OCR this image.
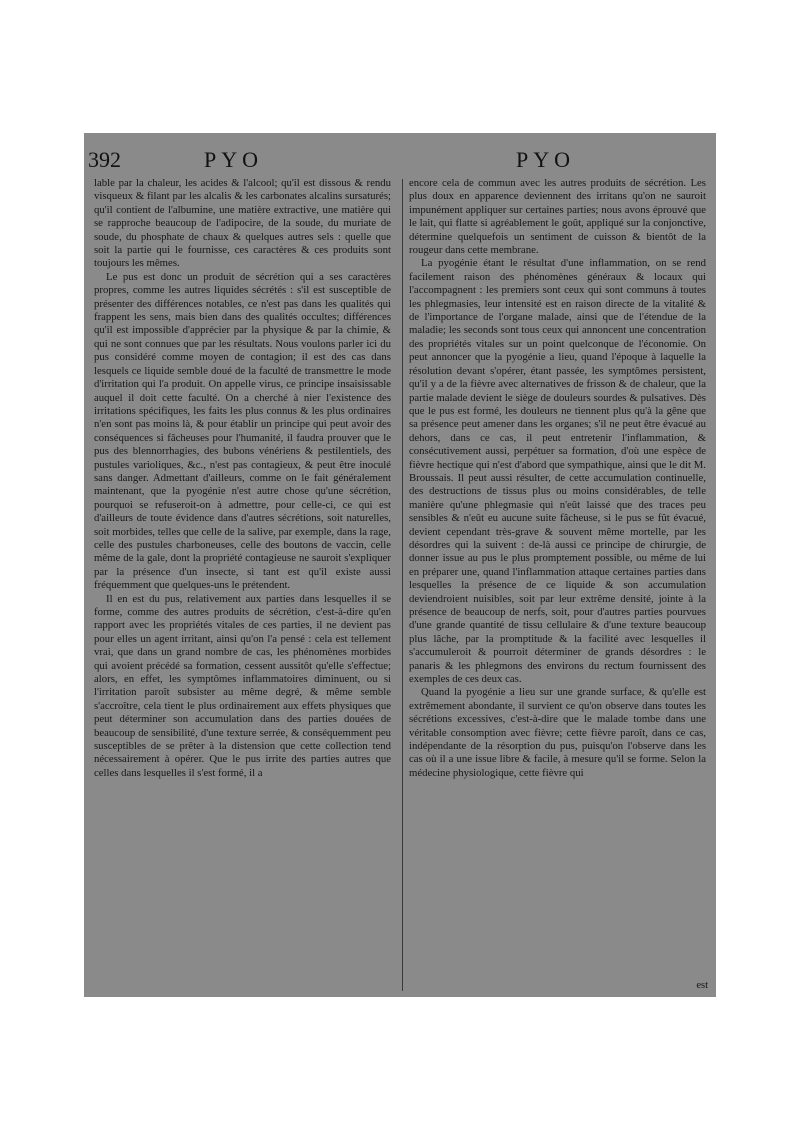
392	PYO	PYO

lable par la chaleur, les acides & l'alcool; qu'il est dissous & rendu visqueux & filant par les alcalis & les carbonates alcalins sursaturés; qu'il contient de l'albumine, une matière extractive, une matière qui se rapproche beaucoup de l'adipocire, de la soude, du muriate de soude, du phosphate de chaux & quelques autres sels : quelle que soit la partie qui le fournisse, ces caractères & ces produits sont toujours les mêmes.

Le pus est donc un produit de sécrétion qui a ses caractères propres, comme les autres liquides sécrétés : s'il est susceptible de présenter des différences notables, ce n'est pas dans les qualités qui frappent les sens, mais bien dans des qualités occultes; différences qu'il est impossible d'apprécier par la physique & par la chimie, & qui ne sont connues que par les résultats. Nous voulons parler ici du pus considéré comme moyen de contagion; il est des cas dans lesquels ce liquide semble doué de la faculté de transmettre le mode d'irritation qui l'a produit. On appelle virus, ce principe insaisissable auquel il doit cette faculté. On a cherché à nier l'existence des irritations spécifiques, les faits les plus connus & les plus ordinaires n'en sont pas moins là, & pour établir un principe qui peut avoir des conséquences si fâcheuses pour l'humanité, il faudra prouver que le pus des blennorrhagies, des bubons vénériens & pestilentiels, des pustules varioliques, &c., n'est pas contagieux, & peut être inoculé sans danger. Admettant d'ailleurs, comme on le fait généralement maintenant, que la pyogénie n'est autre chose qu'une sécrétion, pourquoi se refuseroit-on à admettre, pour celle-ci, ce qui est d'ailleurs de toute évidence dans d'autres sécrétions, soit naturelles, soit morbides, telles que celle de la salive, par exemple, dans la rage, celle des pustules charboneuses, celle des boutons de vaccin, celle même de la gale, dont la propriété contagieuse ne sauroit s'expliquer par la présence d'un insecte, si tant est qu'il existe aussi fréquemment que quelques-uns le prétendent.

Il en est du pus, relativement aux parties dans lesquelles il se forme, comme des autres produits de sécrétion, c'est-à-dire qu'en rapport avec les propriétés vitales de ces parties, il ne devient pas pour elles un agent irritant, ainsi qu'on l'a pensé : cela est tellement vrai, que dans un grand nombre de cas, les phénomènes morbides qui avoient précédé sa formation, cessent aussitôt qu'elle s'effectue; alors, en effet, les symptômes inflammatoires diminuent, ou si l'irritation paroît subsister au même degré, & même semble s'accroître, cela tient le plus ordinairement aux effets physiques que peut déterminer son accumulation dans des parties douées de beaucoup de sensibilité, d'une texture serrée, & conséquemment peu susceptibles de se prêter à la distension que cette collection tend nécessairement à opérer. Que le pus irrite des parties autres que celles dans lesquelles il s'est formé, il a

encore cela de commun avec les autres produits de sécrétion. Les plus doux en apparence deviennent des irritans qu'on ne sauroit impunément appliquer sur certaines parties; nous avons éprouvé que le lait, qui flatte si agréablement le goût, appliqué sur la conjonctive, détermine quelquefois un sentiment de cuisson & bientôt de la rougeur dans cette membrane.

La pyogénie étant le résultat d'une inflammation, on se rend facilement raison des phénomènes généraux & locaux qui l'accompagnent : les premiers sont ceux qui sont communs à toutes les phlegmasies, leur intensité est en raison directe de la vitalité & de l'importance de l'organe malade, ainsi que de l'étendue de la maladie; les seconds sont tous ceux qui annoncent une concentration des propriétés vitales sur un point quelconque de l'économie. On peut annoncer que la pyogénie a lieu, quand l'époque à laquelle la résolution devant s'opérer, étant passée, les symptômes persistent, qu'il y a de la fièvre avec alternatives de frisson & de chaleur, que la partie malade devient le siège de douleurs sourdes & pulsatives. Dès que le pus est formé, les douleurs ne tiennent plus qu'à la gêne que sa présence peut amener dans les organes; s'il ne peut être évacué au dehors, dans ce cas, il peut entretenir l'inflammation, & consécutivement aussi, perpétuer sa formation, d'où une espèce de fièvre hectique qui n'est d'abord que sympathique, ainsi que le dit M. Broussais. Il peut aussi résulter, de cette accumulation continuelle, des destructions de tissus plus ou moins considérables, de telle manière qu'une phlegmasie qui n'eût laissé que des traces peu sensibles & n'eût eu aucune suite fâcheuse, si le pus se fût évacué, devient cependant très-grave & souvent même mortelle, par les désordres qui la suivent : de-là aussi ce principe de chirurgie, de donner issue au pus le plus promptement possible, ou même de lui en préparer une, quand l'inflammation attaque certaines parties dans lesquelles la présence de ce liquide & son accumulation deviendroient nuisibles, soit par leur extrême densité, jointe à la présence de beaucoup de nerfs, soit, pour d'autres parties pourvues d'une grande quantité de tissu cellulaire & d'une texture beaucoup plus lâche, par la promptitude & la facilité avec lesquelles il s'accumuleroit & pourroit déterminer de grands désordres : le panaris & les phlegmons des environs du rectum fournissent des exemples de ces deux cas.

Quand la pyogénie a lieu sur une grande surface, & qu'elle est extrêmement abondante, il survient ce qu'on observe dans toutes les sécrétions excessives, c'est-à-dire que le malade tombe dans une véritable consomption avec fièvre; cette fièvre paroît, dans ce cas, indépendante de la résorption du pus, puisqu'on l'observe dans les cas où il a une issue libre & facile, à mesure qu'il se forme. Selon la médecine physiologique, cette fièvre qui

est
